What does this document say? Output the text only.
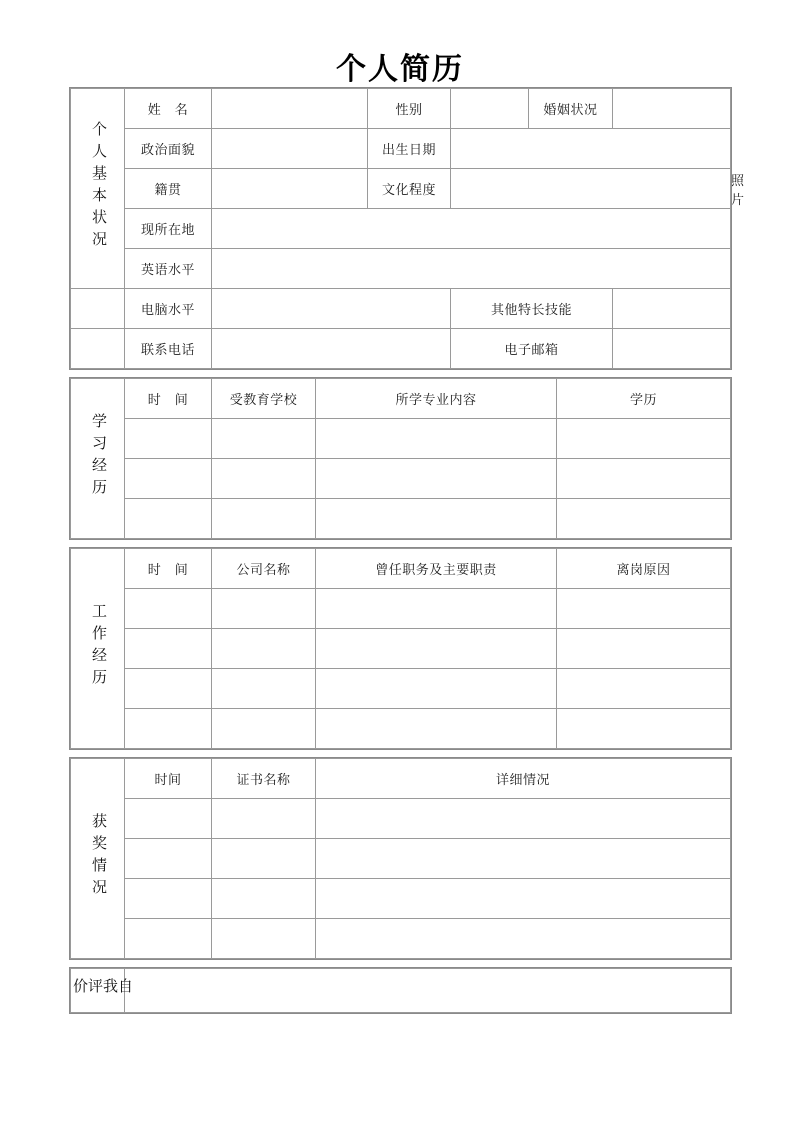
个人简历
个人基本状况	姓　名		性别		婚姻状况		照片
	政治面貌		出生日期				
	籍贯		文化程度				
	现所在地						
	英语水平						
	电脑水平			其他特长技能			
	联系电话			电子邮箱			
学习经历	时　间	受教育学校	所学专业内容	学历

工作经历	时　间	公司名称	曾任职务及主要职责	离岗原因

获奖情况	时间	证书名称	详细情况

自我评价	
